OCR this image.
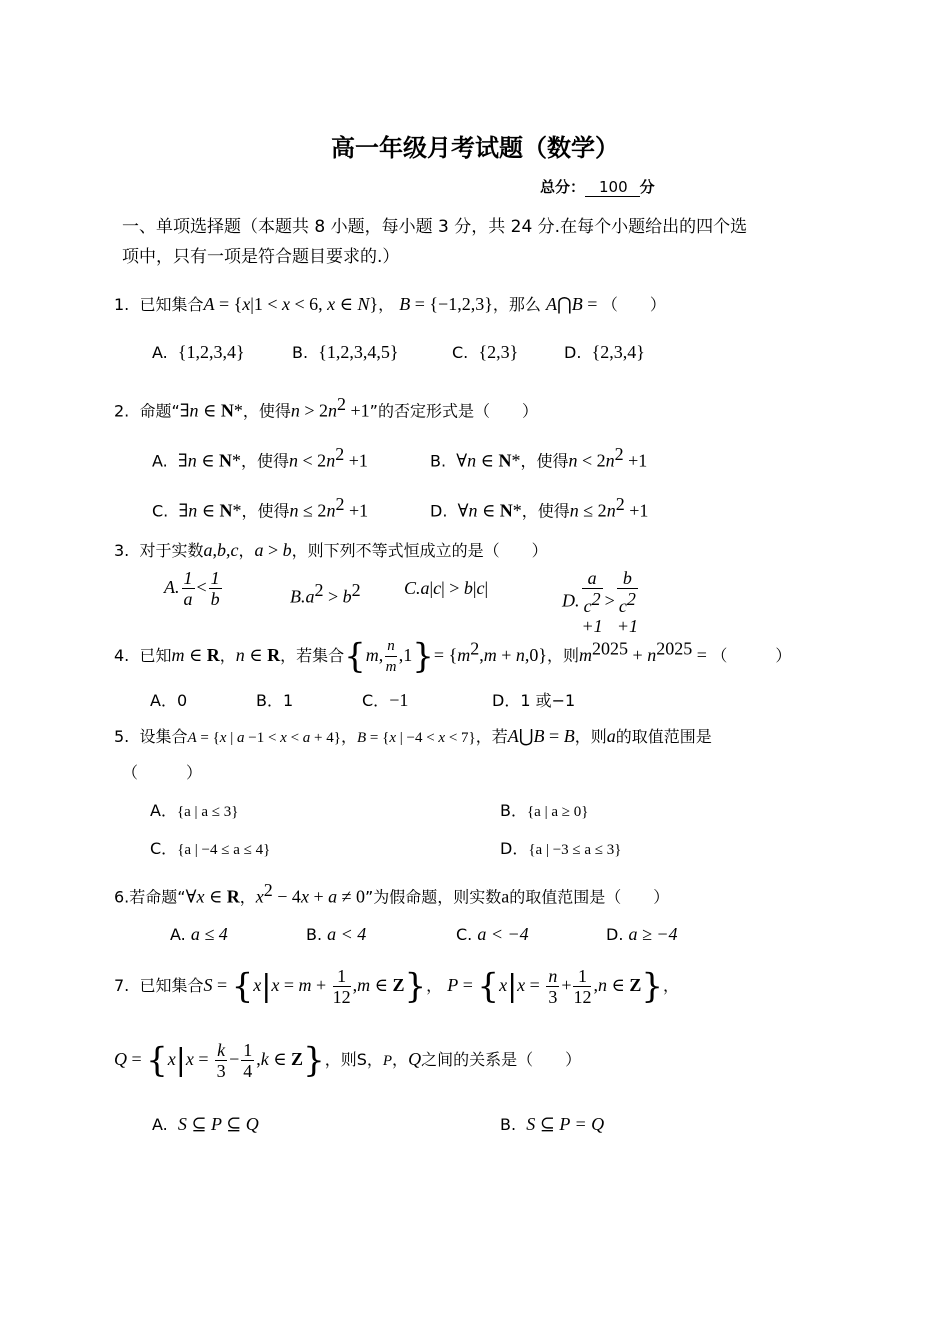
高一年级月考试题（数学）
总分： 100 分
一、单项选择题（本题共 8 小题，每小题 3 分，共 24 分.在每个小题给出的四个选
项中，只有一项是符合题目要求的.）
1. 已知集合A = {x|1 < x < 6, x ∈ N}， B = {−1,2,3}，那么 A⋂B = （　　）
A. {1,2,3,4}	B. {1,2,3,4,5}	C. {2,3}	D. {2,3,4}
2. 命题“∃n ∈ N*，使得$n > 2n^2 +1$”的否定形式是（　　）
A. ∃n ∈ N*，使得$n < 2n^2 +1$	B. ∀n ∈ N*，使得$n < 2n^2 +1$
C. ∃n ∈ N*，使得$n \le 2n^2 +1$	D. ∀n ∈ N*，使得$n \le 2n^2 +1$
3. 对于实数a,b,c，a > b，则下列不等式恒成立的是（　　）
A. $\frac{1}{a} < \frac{1}{b}$	$B.a^2 > b^2$ C.a|c| > b|c|
D. a
$c^2$
+1 > b
$c^2$
+1
4. 已知m ∈ R，n ∈ R，若集合{m, $\frac{n}{m} ,1\}= \{m^2,m + n,0\}$，则$m^{2025} + n^{2025}$ = （　　　）
A．0	B．1	C．−1	D．1 或−1
5. 设集合A = {x | a −1 < x < a + 4}，B = {x | −4 < x < 7}，若A⋃B = B，则a的取值范围是
（　　　）
A．{a | a ≤ 3}	B．{a | a ≥ 0}
C．{a | −4 ≤ a ≤ 4}	D．{a | −3 ≤ a ≤ 3}
6.若命题“∀x ∈ R，$x^2 - 4x + a \ne 0$”为假命题，则实数a的取值范围是（　　）
A. a ≤ 4	B. a < 4	C. a < −4	D. a ≥ −4
7. 已知集合$S = \{x|x = m + \frac{1}{12} ,m$ ∈ Z}， $P = \{x|x = \frac{n}{3} + \frac{1}{12} ,n$ ∈ Z}，
$Q = \{x|x = \frac{k}{3} - \frac{1}{4} ,k$ ∈ Z}，则S，P，Q之间的关系是（　　）
A. S ⊆ P ⊆ Q	B. S ⊆ P = Q
